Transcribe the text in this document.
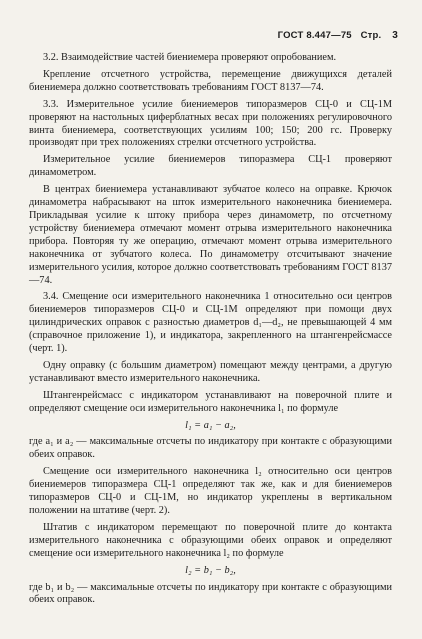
ГОСТ 8.447—75 Стр. 3

3.2. Взаимодействие частей биениемера проверяют опробованием.

Крепление отсчетного устройства, перемещение движущихся деталей биениемера должно соответствовать требованиям ГОСТ 8137—74.

3.3. Измерительное усилие биениемеров типоразмеров СЦ-0 и СЦ-1М проверяют на настольных циферблатных весах при положениях регулировочного винта биениемера, соответствующих усилиям 100; 150; 200 гс. Проверку производят при трех положениях стрелки отсчетного устройства.

Измерительное усилие биениемеров типоразмера СЦ-1 проверяют динамометром.

В центрах биениемера устанавливают зубчатое колесо на оправке. Крючок динамометра набрасывают на шток измерительного наконечника биениемера. Прикладывая усилие к штоку прибора через динамометр, по отсчетному устройству биениемера отмечают момент отрыва измерительного наконечника прибора. Повторяя ту же операцию, отмечают момент отрыва измерительного наконечника от зубчатого колеса. По динамометру отсчитывают значение измерительного усилия, которое должно соответствовать требованиям ГОСТ 8137—74.

3.4. Смещение оси измерительного наконечника 1 относительно оси центров биениемеров типоразмеров СЦ-0 и СЦ-1М определяют при помощи двух цилиндрических оправок с разностью диаметров d₁—d₂, не превышающей 4 мм (справочное приложение 1), и индикатора, закрепленного на штангенрейсмассе (черт. 1).

Одну оправку (с большим диаметром) помещают между центрами, а другую устанавливают вместо измерительного наконечника.

Штангенрейсмасс с индикатором устанавливают на поверочной плите и определяют смещение оси измерительного наконечника l₁ по формуле

l₁ = a₁ − a₂,

где a₁ и a₂ — максимальные отсчеты по индикатору при контакте с образующими обеих оправок.

Смещение оси измерительного наконечника l₂ относительно оси центров биениемеров типоразмера СЦ-1 определяют так же, как и для биениемеров типоразмеров СЦ-0 и СЦ-1М, но индикатор укреплены в вертикальном положении на штативе (черт. 2).

Штатив с индикатором перемещают по поверочной плите до контакта измерительного наконечника с образующими обеих оправок и определяют смещение оси измерительного наконечника l₂ по формуле

l₂ = b₁ − b₂,

где b₁ и b₂ — максимальные отсчеты по индикатору при контакте с образующими обеих оправок.
